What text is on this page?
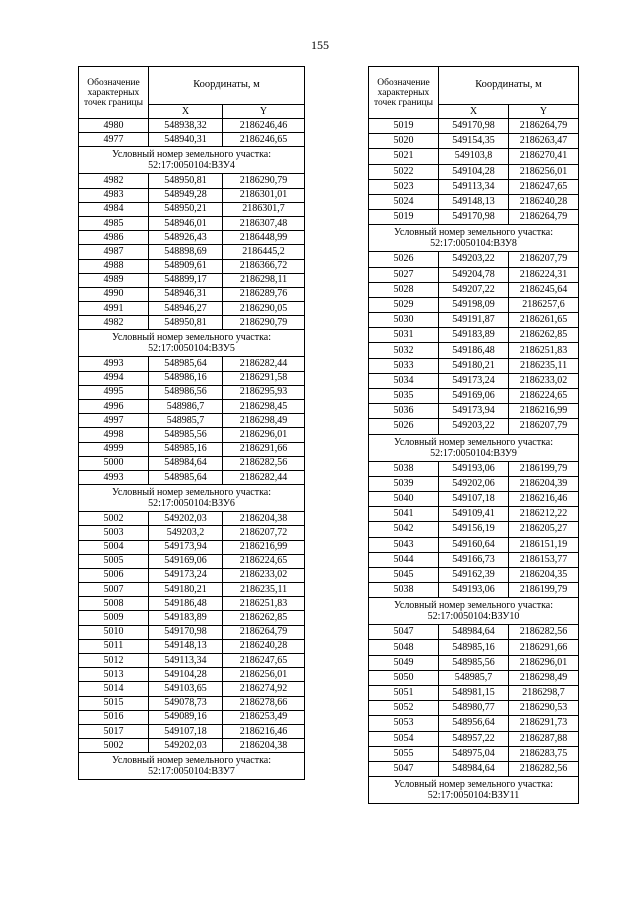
155
Обозначение характерных точек границы	Координаты, м	
	X	Y
4980	548938,32	2186246,46
4977	548940,31	2186246,65
Условный номер земельного участка: 52:17:0050104:ВЗУ4		
4982	548950,81	2186290,79
4983	548949,28	2186301,01
4984	548950,21	2186301,7
4985	548946,01	2186307,48
4986	548926,43	2186448,99
4987	548898,69	2186445,2
4988	548909,61	2186366,72
4989	548899,17	2186298,11
4990	548946,31	2186289,76
4991	548946,27	2186290,05
4982	548950,81	2186290,79
Условный номер земельного участка: 52:17:0050104:ВЗУ5		
4993	548985,64	2186282,44
4994	548986,16	2186291,58
4995	548986,56	2186295,93
4996	548986,7	2186298,45
4997	548985,7	2186298,49
4998	548985,56	2186296,01
4999	548985,16	2186291,66
5000	548984,64	2186282,56
4993	548985,64	2186282,44
Условный номер земельного участка: 52:17:0050104:ВЗУ6		
5002	549202,03	2186204,38
5003	549203,2	2186207,72
5004	549173,94	2186216,99
5005	549169,06	2186224,65
5006	549173,24	2186233,02
5007	549180,21	2186235,11
5008	549186,48	2186251,83
5009	549183,89	2186262,85
5010	549170,98	2186264,79
5011	549148,13	2186240,28
5012	549113,34	2186247,65
5013	549104,28	2186256,01
5014	549103,65	2186274,92
5015	549078,73	2186278,66
5016	549089,16	2186253,49
5017	549107,18	2186216,46
5002	549202,03	2186204,38
Условный номер земельного участка: 52:17:0050104:ВЗУ7		
Обозначение характерных точек границы	Координаты, м	
	X	Y
5019	549170,98	2186264,79
5020	549154,35	2186263,47
5021	549103,8	2186270,41
5022	549104,28	2186256,01
5023	549113,34	2186247,65
5024	549148,13	2186240,28
5019	549170,98	2186264,79
Условный номер земельного участка: 52:17:0050104:ВЗУ8		
5026	549203,22	2186207,79
5027	549204,78	2186224,31
5028	549207,22	2186245,64
5029	549198,09	2186257,6
5030	549191,87	2186261,65
5031	549183,89	2186262,85
5032	549186,48	2186251,83
5033	549180,21	2186235,11
5034	549173,24	2186233,02
5035	549169,06	2186224,65
5036	549173,94	2186216,99
5026	549203,22	2186207,79
Условный номер земельного участка: 52:17:0050104:ВЗУ9		
5038	549193,06	2186199,79
5039	549202,06	2186204,39
5040	549107,18	2186216,46
5041	549109,41	2186212,22
5042	549156,19	2186205,27
5043	549160,64	2186151,19
5044	549166,73	2186153,77
5045	549162,39	2186204,35
5038	549193,06	2186199,79
Условный номер земельного участка: 52:17:0050104:ВЗУ10		
5047	548984,64	2186282,56
5048	548985,16	2186291,66
5049	548985,56	2186296,01
5050	548985,7	2186298,49
5051	548981,15	2186298,7
5052	548980,77	2186290,53
5053	548956,64	2186291,73
5054	548957,22	2186287,88
5055	548975,04	2186283,75
5047	548984,64	2186282,56
Условный номер земельного участка: 52:17:0050104:ВЗУ11		
